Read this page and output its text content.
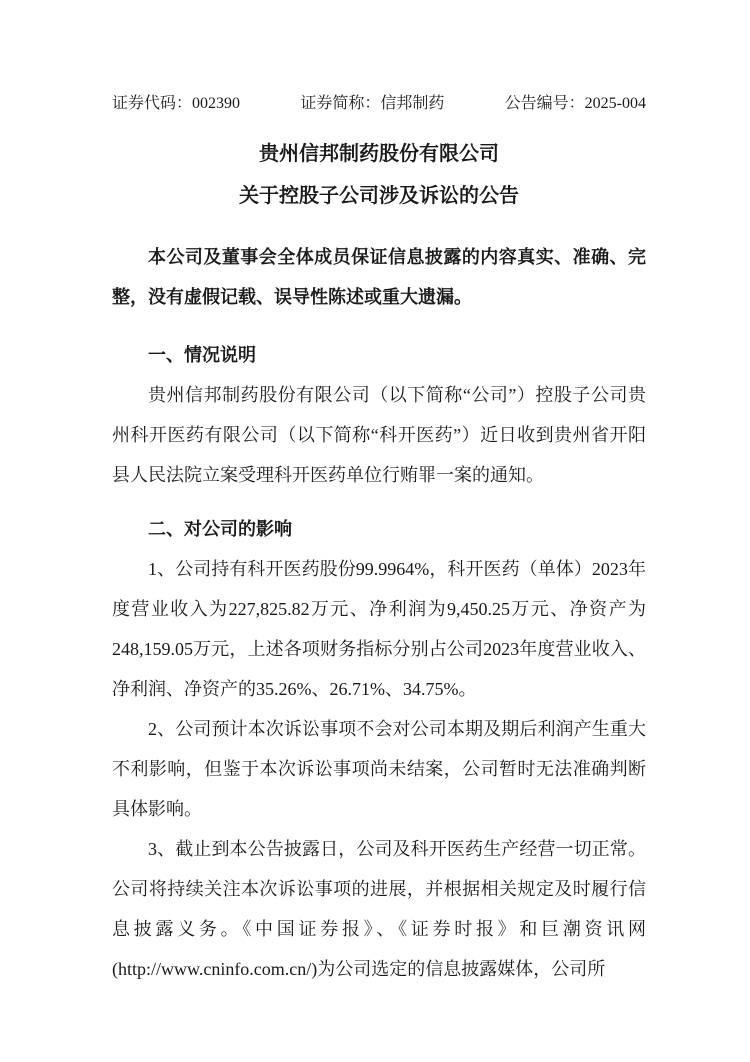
证券代码：002390	证券简称：信邦制药	公告编号：2025-004
贵州信邦制药股份有限公司
关于控股子公司涉及诉讼的公告

本公司及董事会全体成员保证信息披露的内容真实、准确、完整，没有虚假记载、误导性陈述或重大遗漏。

一、情况说明

贵州信邦制药股份有限公司（以下简称“公司”）控股子公司贵州科开医药有限公司（以下简称“科开医药”）近日收到贵州省开阳县人民法院立案受理科开医药单位行贿罪一案的通知。

二、对公司的影响

1、公司持有科开医药股份99.9964%，科开医药（单体）2023年度营业收入为227,825.82万元、净利润为9,450.25万元、净资产为248,159.05万元，上述各项财务指标分别占公司2023年度营业收入、净利润、净资产的35.26%、26.71%、34.75%。

2、公司预计本次诉讼事项不会对公司本期及期后利润产生重大不利影响，但鉴于本次诉讼事项尚未结案，公司暂时无法准确判断具体影响。

3、截止到本公告披露日，公司及科开医药生产经营一切正常。公司将持续关注本次诉讼事项的进展，并根据相关规定及时履行信息披露义务。《中国证券报》、《证券时报》和巨潮资讯网(http://www.cninfo.com.cn/)为公司选定的信息披露媒体，公司所
